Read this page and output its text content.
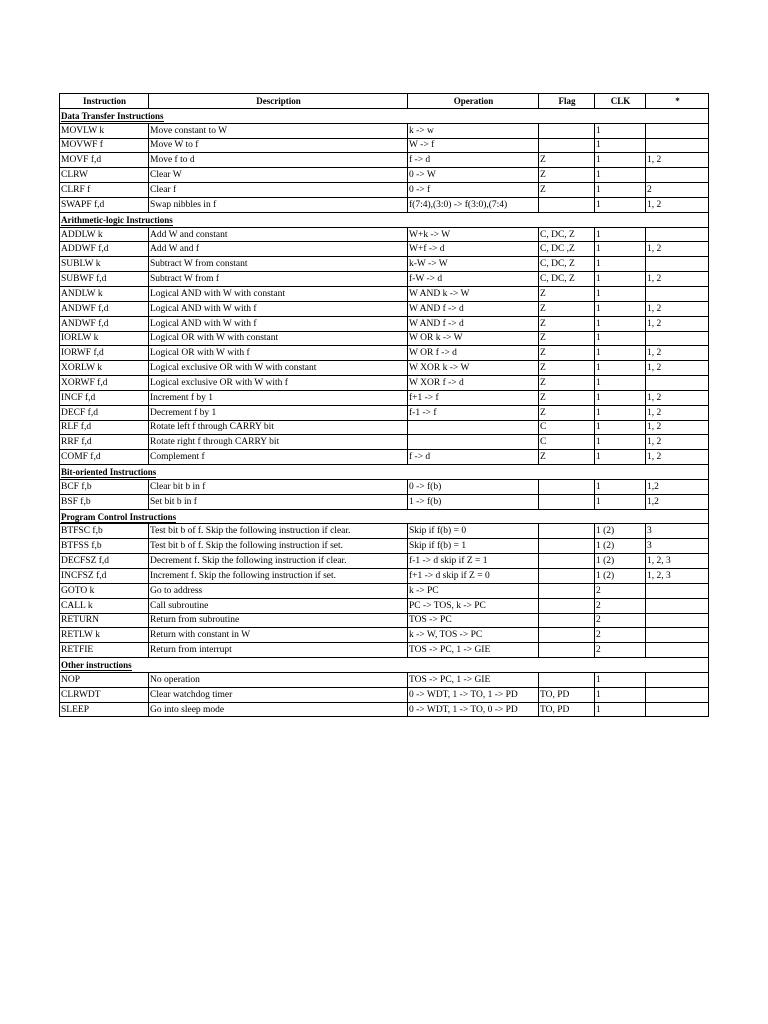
Instruction	Description	Operation	Flag	CLK	*
Data Transfer Instructions					
MOVLW k	Move constant to W	k -> w		1	
MOVWF f	Move W to f	W -> f		1	
MOVF f,d	Move f to d	f -> d	Z	1	1, 2
CLRW	Clear W	0 -> W	Z	1	
CLRF f	Clear f	0 -> f	Z	1	2
SWAPF f,d	Swap nibbles in f	f(7:4),(3:0) -> f(3:0),(7:4)		1	1, 2
Arithmetic-logic Instructions					
ADDLW k	Add W and constant	W+k -> W	C, DC, Z	1	
ADDWF f,d	Add W and f	W+f -> d	C, DC ,Z	1	1, 2
SUBLW k	Subtract W from constant	k-W -> W	C, DC, Z	1	
SUBWF f,d	Subtract W from f	f-W -> d	C, DC, Z	1	1, 2
ANDLW k	Logical AND with W with constant	W AND k -> W	Z	1	
ANDWF f,d	Logical AND with W with f	W AND f -> d	Z	1	1, 2
ANDWF f,d	Logical AND with W with f	W AND f -> d	Z	1	1, 2
IORLW k	Logical OR with W with constant	W OR k -> W	Z	1	
IORWF f,d	Logical OR with W with f	W OR f -> d	Z	1	1, 2
XORLW k	Logical exclusive OR with W with constant	W XOR k -> W	Z	1	1, 2
XORWF f,d	Logical exclusive OR with W with f	W XOR f -> d	Z	1	
INCF f,d	Increment f by 1	f+1 -> f	Z	1	1, 2
DECF f,d	Decrement f by 1	f-1 -> f	Z	1	1, 2
RLF f,d	Rotate left f through CARRY bit		C	1	1, 2
RRF f,d	Rotate right f through CARRY bit		C	1	1, 2
COMF f,d	Complement f	f -> d	Z	1	1, 2
Bit-oriented Instructions					
BCF f,b	Clear bit b in f	0 -> f(b)		1	1,2
BSF f,b	Set bit b in f	1 -> f(b)		1	1,2
Program Control Instructions					
BTFSC f,b	Test bit b of f. Skip the following instruction if clear.	Skip if f(b) = 0		1 (2)	3
BTFSS f,b	Test bit b of f. Skip the following instruction if set.	Skip if f(b) = 1		1 (2)	3
DECFSZ f,d	Decrement f. Skip the following instruction if clear.	f-1 -> d skip if Z = 1		1 (2)	1, 2, 3
INCFSZ f,d	Increment f. Skip the following instruction if set.	f+1 -> d skip if Z = 0		1 (2)	1, 2, 3
GOTO k	Go to address	k -> PC		2	
CALL k	Call subroutine	PC -> TOS, k -> PC		2	
RETURN	Return from subroutine	TOS -> PC		2	
RETLW k	Return with constant in W	k -> W, TOS -> PC		2	
RETFIE	Return from interrupt	TOS -> PC, 1 -> GIE		2	
Other instructions					
NOP	No operation	TOS -> PC, 1 -> GIE		1	
CLRWDT	Clear watchdog timer	0 -> WDT, 1 -> TO, 1 -> PD	TO, PD	1	
SLEEP	Go into sleep mode	0 -> WDT, 1 -> TO, 0 -> PD	TO, PD	1	
